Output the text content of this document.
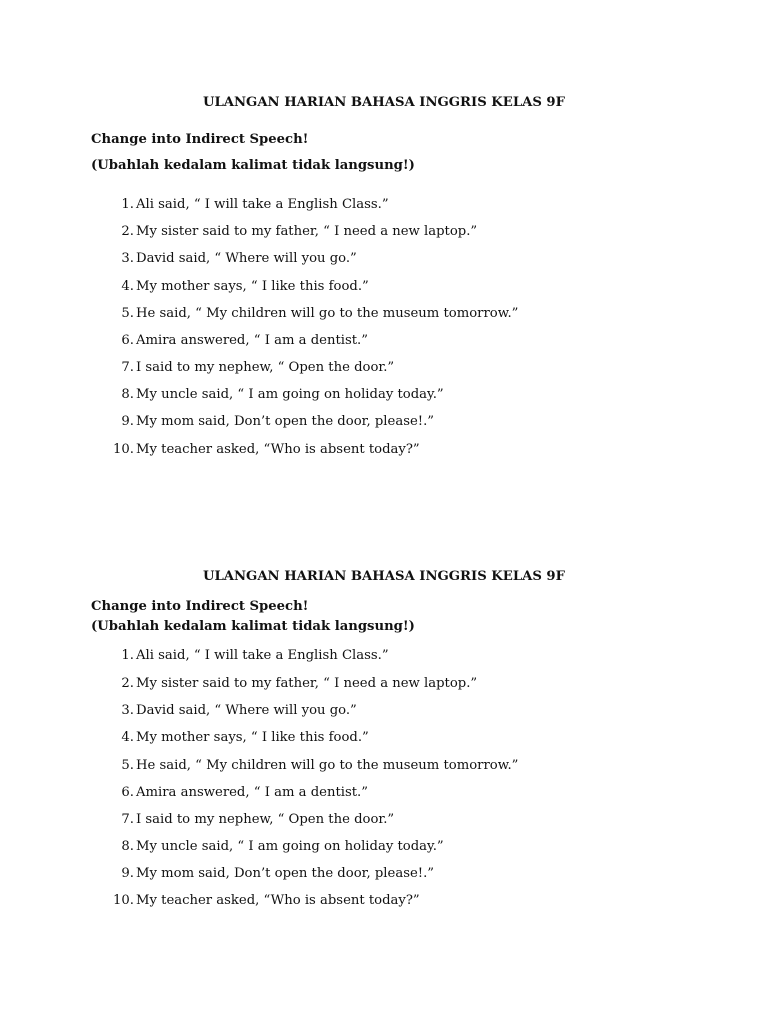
ULANGAN HARIAN BAHASA INGGRIS KELAS 9F
Change into Indirect Speech!
(Ubahlah kedalam kalimat tidak langsung!)
1. Ali said, “ I will take a English Class.”
2. My sister said to my father, “ I need a new laptop.”
3. David said, “ Where will you go.”
4. My mother says, “ I like this food.”
5. He said, “ My children will go to the museum tomorrow.”
6. Amira answered, “ I am a dentist.”
7. I said to my nephew, “ Open the door.”
8. My uncle said, “ I am going on holiday today.”
9. My mom said, Don’t open the door, please!.”
10. My teacher asked, “Who is absent today?”
ULANGAN HARIAN BAHASA INGGRIS KELAS 9F
Change into Indirect Speech!
(Ubahlah kedalam kalimat tidak langsung!)
1. Ali said, “ I will take a English Class.”
2. My sister said to my father, “ I need a new laptop.”
3. David said, “ Where will you go.”
4. My mother says, “ I like this food.”
5. He said, “ My children will go to the museum tomorrow.”
6. Amira answered, “ I am a dentist.”
7. I said to my nephew, “ Open the door.”
8. My uncle said, “ I am going on holiday today.”
9. My mom said, Don’t open the door, please!.”
10. My teacher asked, “Who is absent today?”
